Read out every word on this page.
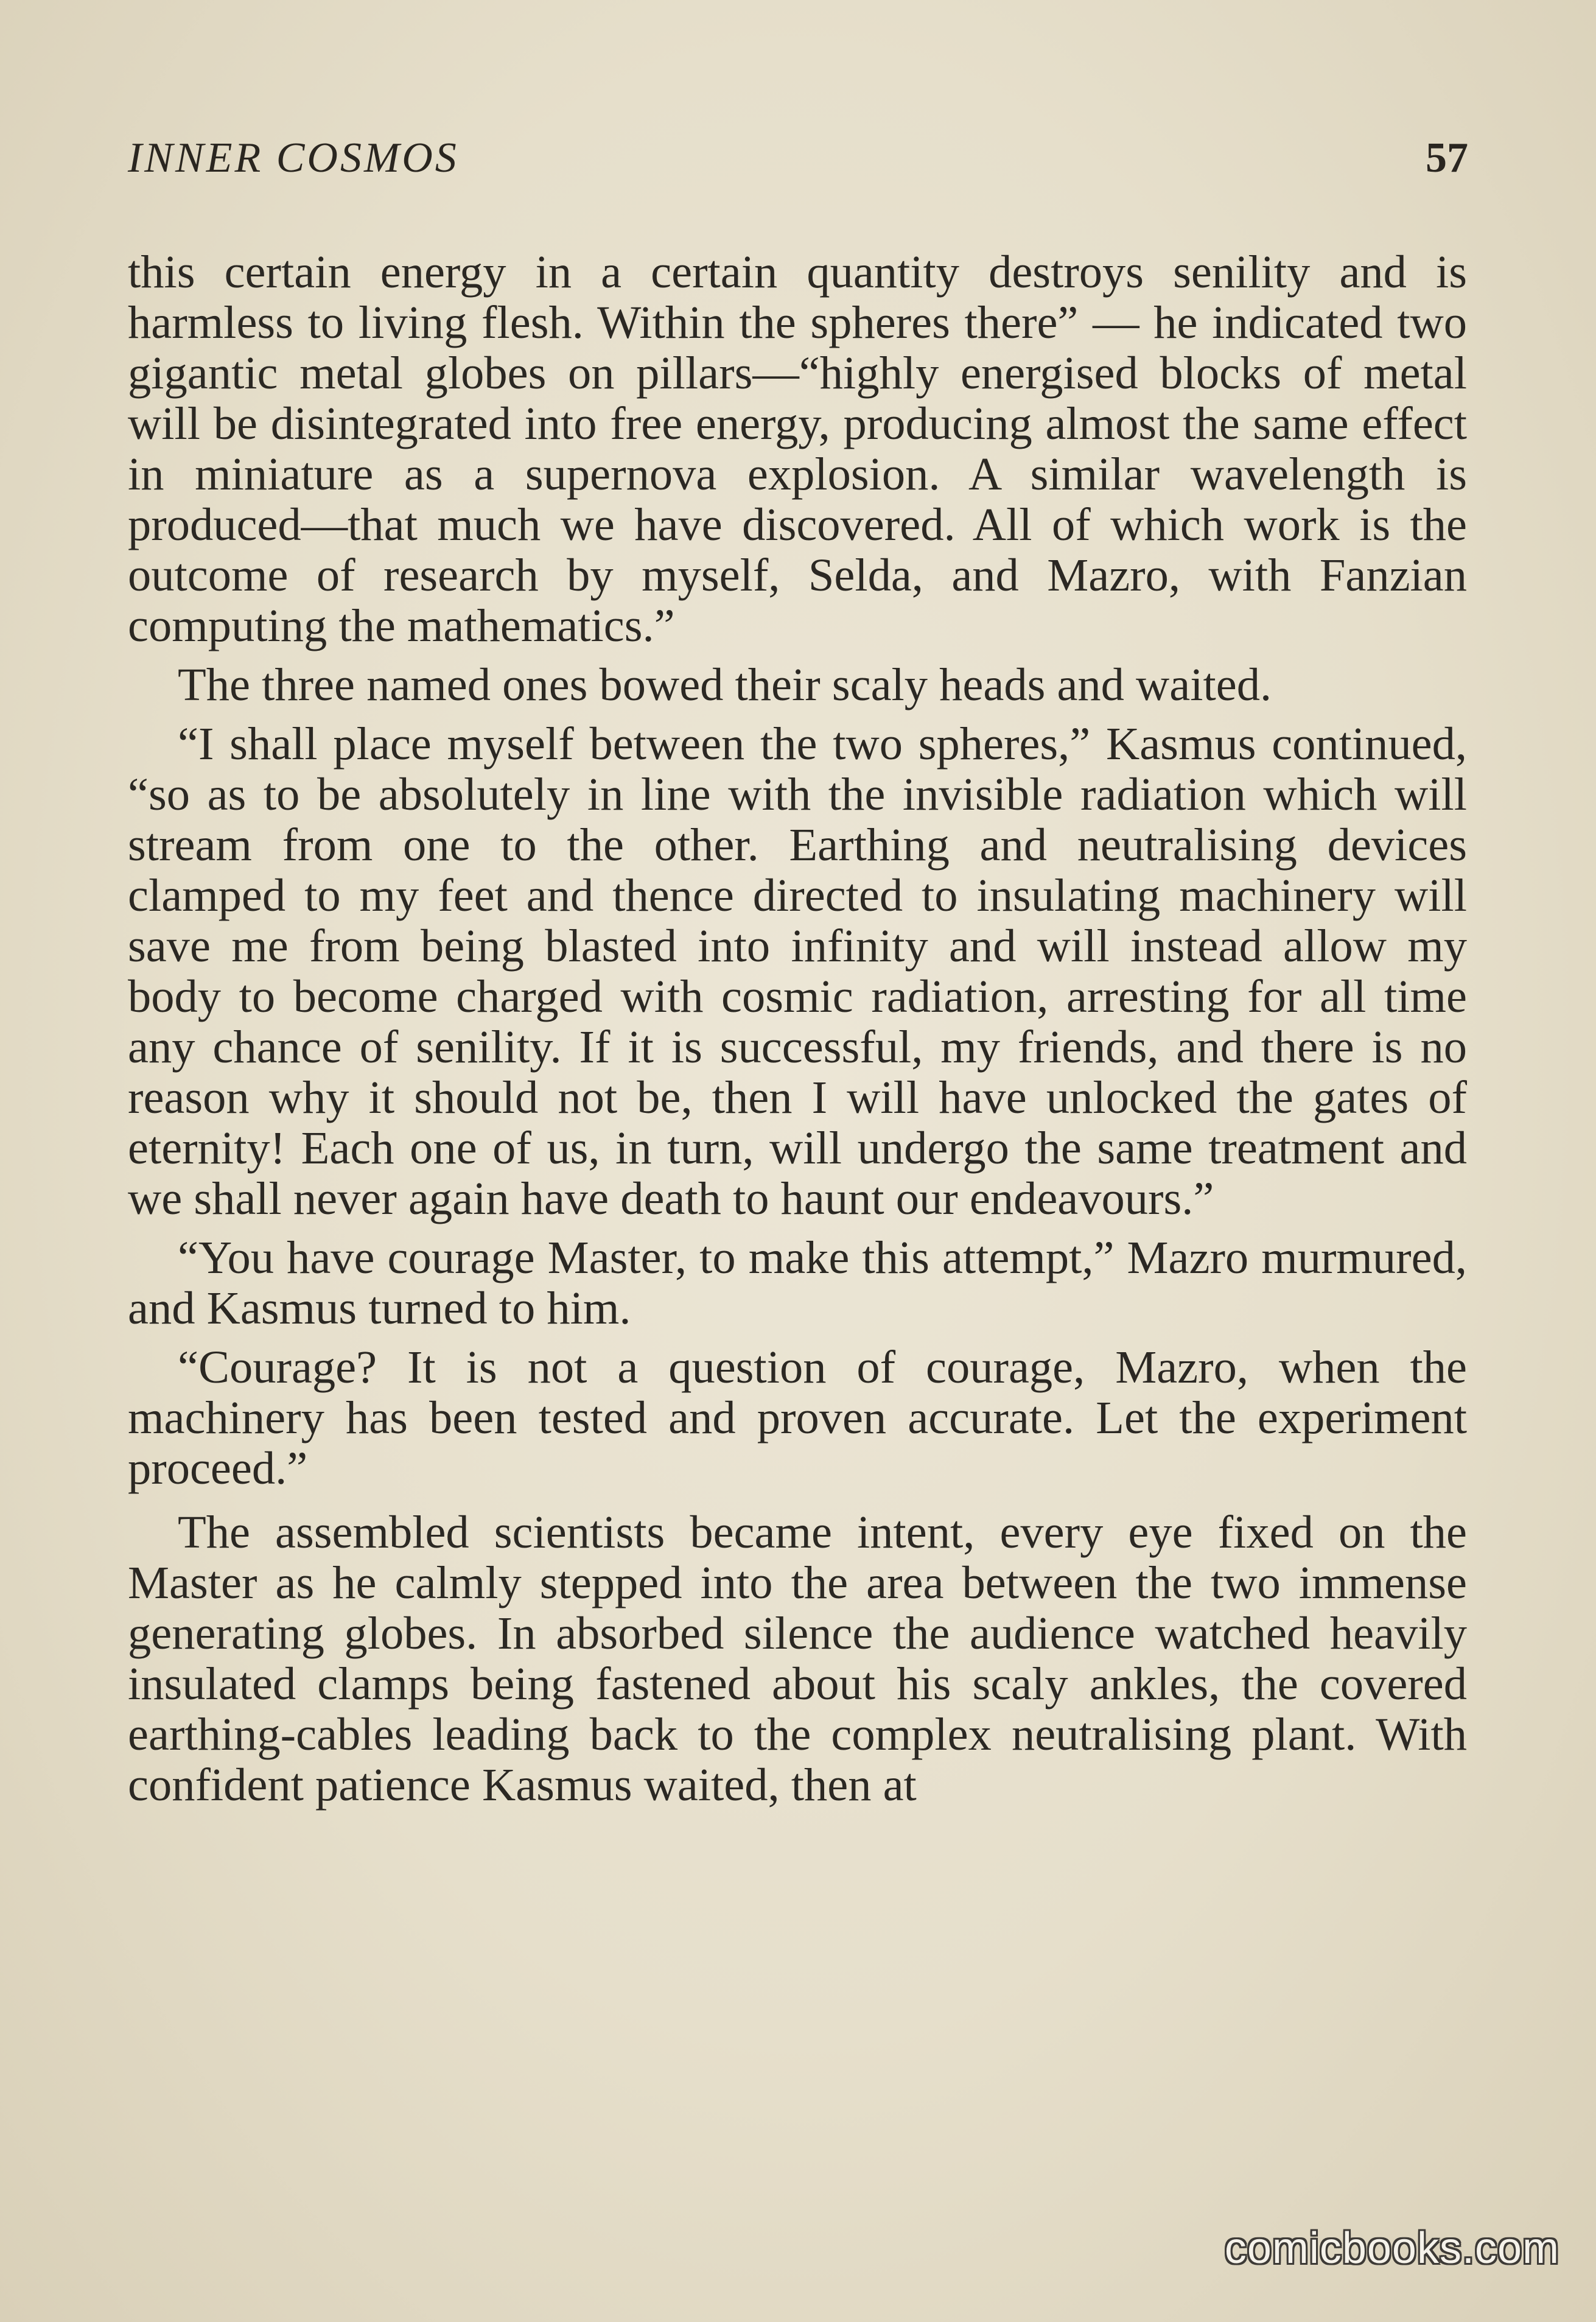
INNER COSMOS	57

this certain energy in a certain quantity destroys senility and is harmless to living flesh. Within the spheres there” — he indicated two gigantic metal globes on pillars—“highly energised blocks of metal will be disintegrated into free energy, producing almost the same effect in miniature as a supernova explosion. A similar wavelength is produced—that much we have discovered. All of which work is the outcome of research by myself, Selda, and Mazro, with Fanzian computing the mathematics.”

The three named ones bowed their scaly heads and waited.

“I shall place myself between the two spheres,” Kasmus continued, “so as to be absolutely in line with the invisible radiation which will stream from one to the other. Earthing and neutralising devices clamped to my feet and thence directed to insulating machinery will save me from being blasted into infinity and will instead allow my body to become charged with cosmic radiation, arresting for all time any chance of senility. If it is successful, my friends, and there is no reason why it should not be, then I will have unlocked the gates of eternity! Each one of us, in turn, will undergo the same treatment and we shall never again have death to haunt our endeavours.”

“You have courage Master, to make this attempt,” Mazro murmured, and Kasmus turned to him.

“Courage? It is not a question of courage, Mazro, when the machinery has been tested and proven accurate. Let the experiment proceed.”

The assembled scientists became intent, every eye fixed on the Master as he calmly stepped into the area between the two immense generating globes. In absorbed silence the audience watched heavily insulated clamps being fastened about his scaly ankles, the covered earthing-cables leading back to the complex neutralising plant. With confident patience Kasmus waited, then at

comicbooks.com
